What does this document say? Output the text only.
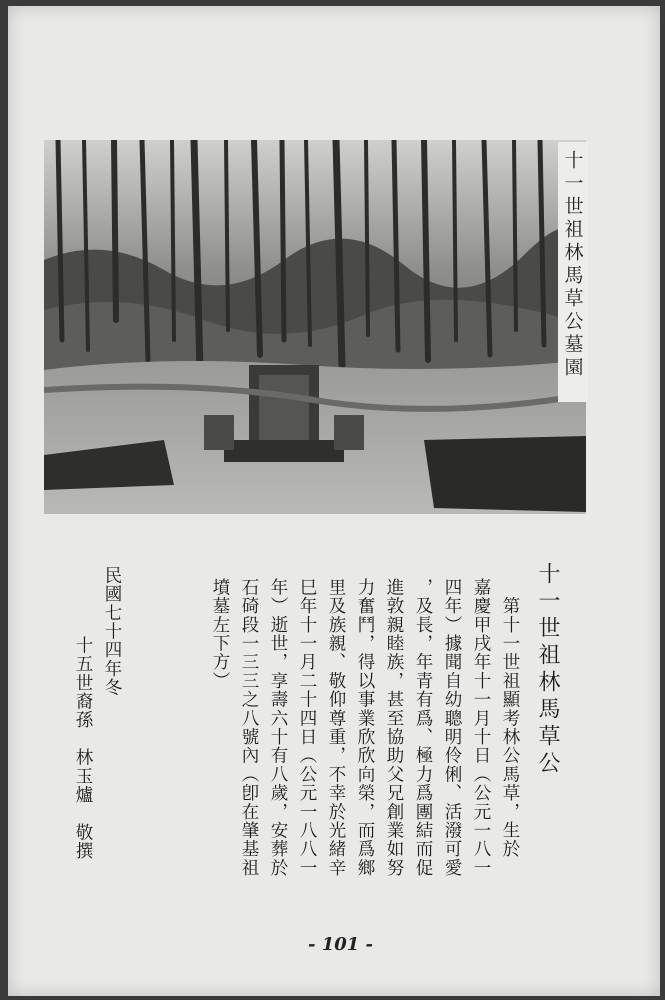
十一世祖林馬草公墓園
十一世祖林馬草公
　第十一世祖顯考林公馬草，生於
嘉慶甲戌年十一月十日（公元一八一
四年）據聞自幼聰明伶俐、活潑可愛
，及長，年青有爲、極力爲團結而促
進敦親睦族，甚至協助父兄創業如努
力奮鬥，得以事業欣欣向榮，而爲鄉
里及族親、敬仰尊重，不幸於光緒辛
巳年十一月二十四日（公元一八八一
年）逝世，享壽六十有八歲，安葬於
石碕段一三三之八號內（卽在肇基祖
墳墓左下方）
民國七十四年冬
十五世裔孫　林玉爐　敬撰
- 101 -
